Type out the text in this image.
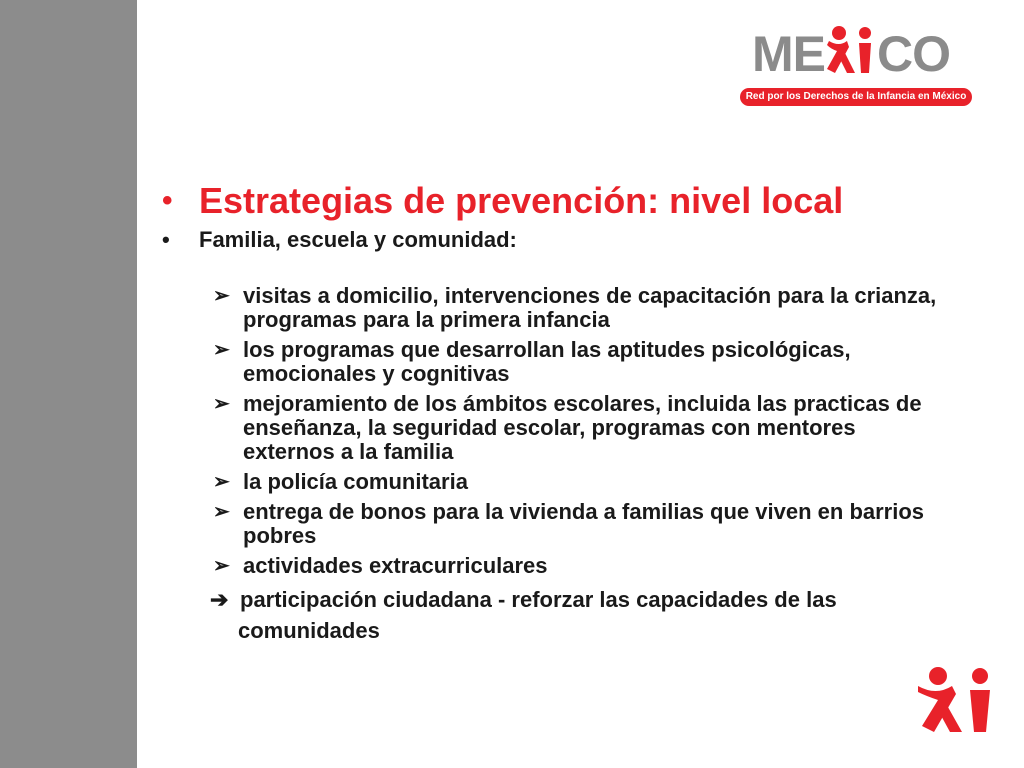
ME CO
Red por los Derechos de la Infancia en México
• Estrategias de prevención: nivel local
• Familia, escuela y comunidad:
➢ visitas a domicilio, intervenciones de capacitación para la crianza, programas para la primera infancia
➢ los programas que desarrollan las aptitudes psicológicas, emocionales y cognitivas
➢ mejoramiento de los ámbitos escolares, incluida las practicas de enseñanza, la seguridad escolar, programas con mentores externos a la familia
➢ la policía comunitaria
➢ entrega de bonos para la vivienda a familias que viven en barrios pobres
➢ actividades extracurriculares
➔ participación ciudadana - reforzar las capacidades de las
comunidades
